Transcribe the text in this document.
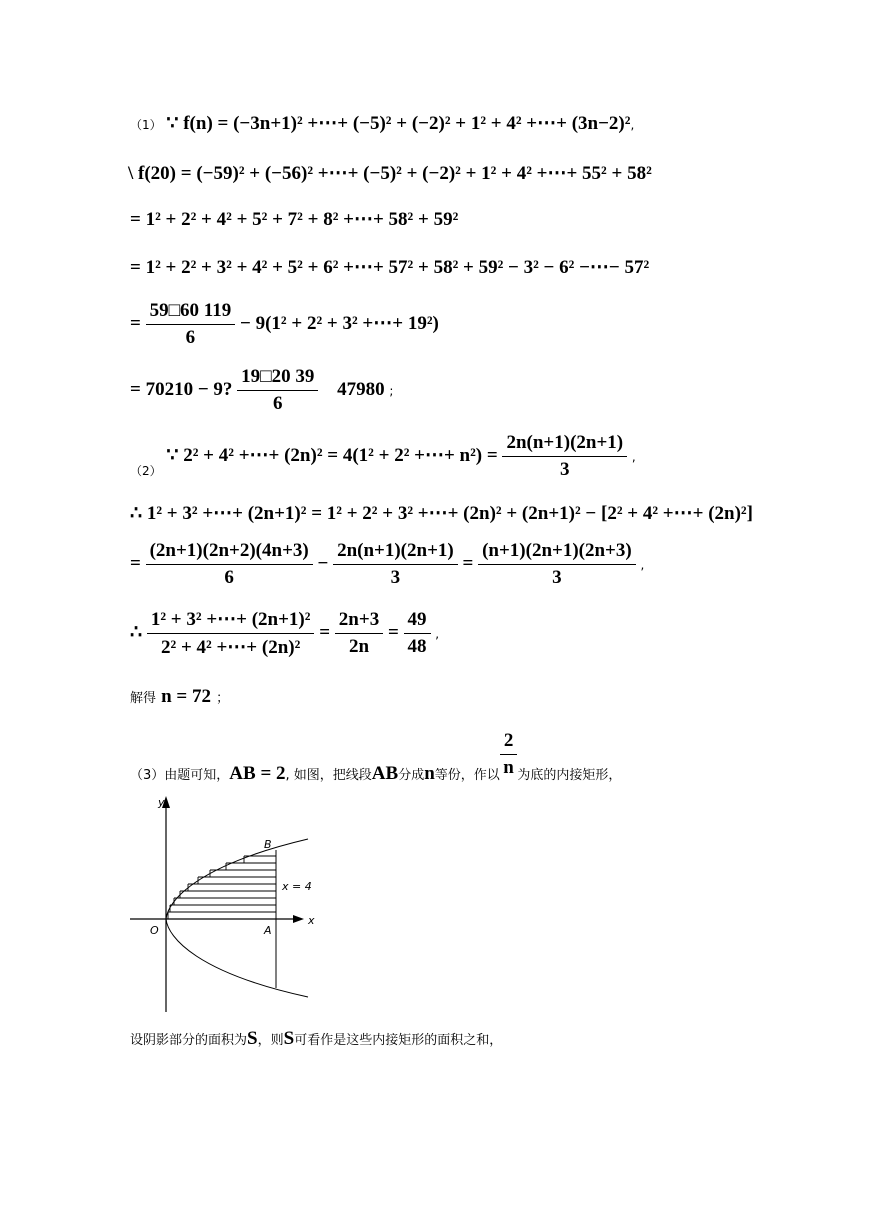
（1） ∵ f(n) = (−3n+1)² +⋯+ (−5)² + (−2)² + 1² + 4² +⋯+ (3n−2)²,
\ f(20) = (−59)² + (−56)² +⋯+ (−5)² + (−2)² + 1² + 4² +⋯+ 55² + 58²
= 1² + 2² + 4² + 5² + 7² + 8² +⋯+ 58² + 59²
= 1² + 2² + 3² + 4² + 5² + 6² +⋯+ 57² + 58² + 59² − 3² − 6² −⋯− 57²
= $\frac{59□60 119}{6} - 9(1^2 + 2^2 + 3^2$ +⋯+ 19²)
= 70210 − 9? $\frac{19□20 39}{6} 47980$ ;
$_{(2)}$ ∵ 2² + 4² +⋯+ (2n)² = 4(1² + 2² +⋯+ $n^2) = \frac{2n(n+1)(2n+1)}{3}$ ,
∴ 1² + 3² +⋯+ (2n+1)² = 1² + 2² + 3² +⋯+ (2n)² + (2n+1)² − [2² + 4² +⋯+ (2n)²]
= $\frac{(2n+1)(2n+2)(4n+3)}{6} - \frac{2n(n+1)(2n+1)}{3} = \frac{(n+1)(2n+1)(2n+3)}{3}$ ,
∴ $\frac{\text{1² + 3² +⋯+ (2n+1)²}}{\text{2² + 4² +⋯+ (2n)²}} = \frac{2n+3}{2n} = \frac{49}{48}$ ,
解得 n = 72 ；
$_{(3)由题可知,}AB = 2_{, 如图,把线段}AB_{分成}n_{等份,作以} \frac{2}{n} _{为底的内接矩形,}$
y
x
O	A
B
x = 4
设阴影部分的面积为S，则S可看作是这些内接矩形的面积之和，
